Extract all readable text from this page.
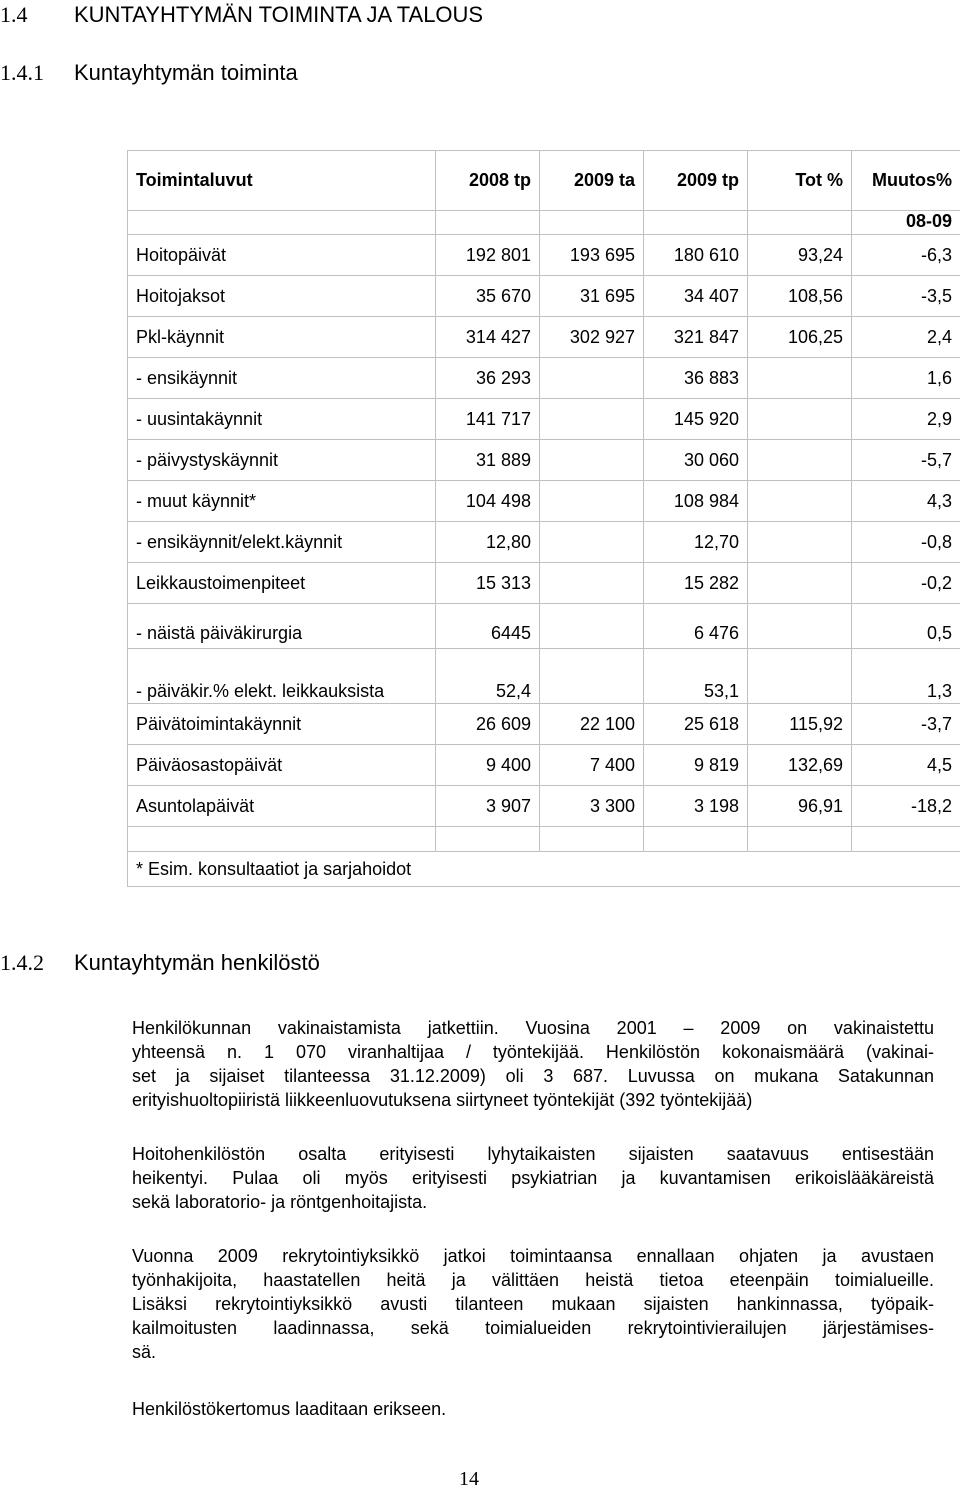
1.4 KUNTAYHTYMÄN TOIMINTA JA TALOUS
1.4.1 Kuntayhtymän toiminta
Toimintaluvut	2008 tp	2009 ta	2009 tp	Tot %	Muutos%
					08-09
Hoitopäivät	192 801	193 695	180 610	93,24	-6,3
Hoitojaksot	35 670	31 695	34 407	108,56	-3,5
Pkl-käynnit	314 427	302 927	321 847	106,25	2,4
- ensikäynnit	36 293		36 883		1,6
- uusintakäynnit	141 717		145 920		2,9
- päivystyskäynnit	31 889		30 060		-5,7
- muut käynnit*	104 498		108 984		4,3
- ensikäynnit/elekt.käynnit	12,80		12,70		-0,8
Leikkaustoimenpiteet	15 313		15 282		-0,2
- näistä päiväkirurgia	6445		6 476		0,5
- päiväkir.% elekt. leikkauksista	52,4		53,1		1,3
Päivätoimintakäynnit	26 609	22 100	25 618	115,92	-3,7
Päiväosastopäivät	9 400	7 400	9 819	132,69	4,5
Asuntolapäivät	3 907	3 300	3 198	96,91	-18,2

* Esim. konsultaatiot ja sarjahoidot					
1.4.2 Kuntayhtymän henkilöstö
Henkilökunnan vakinaistamista jatkettiin. Vuosina 2001 – 2009 on vakinaistettu
yhteensä n. 1 070 viranhaltijaa / työntekijää. Henkilöstön kokonaismäärä (vakinai-
set ja sijaiset tilanteessa 31.12.2009) oli 3 687. Luvussa on mukana Satakunnan
erityishuoltopiiristä liikkeenluovutuksena siirtyneet työntekijät (392 työntekijää)
Hoitohenkilöstön osalta erityisesti lyhytaikaisten sijaisten saatavuus entisestään
heikentyi. Pulaa oli myös erityisesti psykiatrian ja kuvantamisen erikoislääkäreistä
sekä laboratorio- ja röntgenhoitajista.
Vuonna 2009 rekrytointiyksikkö jatkoi toimintaansa ennallaan ohjaten ja avustaen
työnhakijoita, haastatellen heitä ja välittäen heistä tietoa eteenpäin toimialueille.
Lisäksi rekrytointiyksikkö avusti tilanteen mukaan sijaisten hankinnassa, työpaik-
kailmoitusten laadinnassa, sekä toimialueiden rekrytointivierailujen järjestämises-
sä.
Henkilöstökertomus laaditaan erikseen.
14
